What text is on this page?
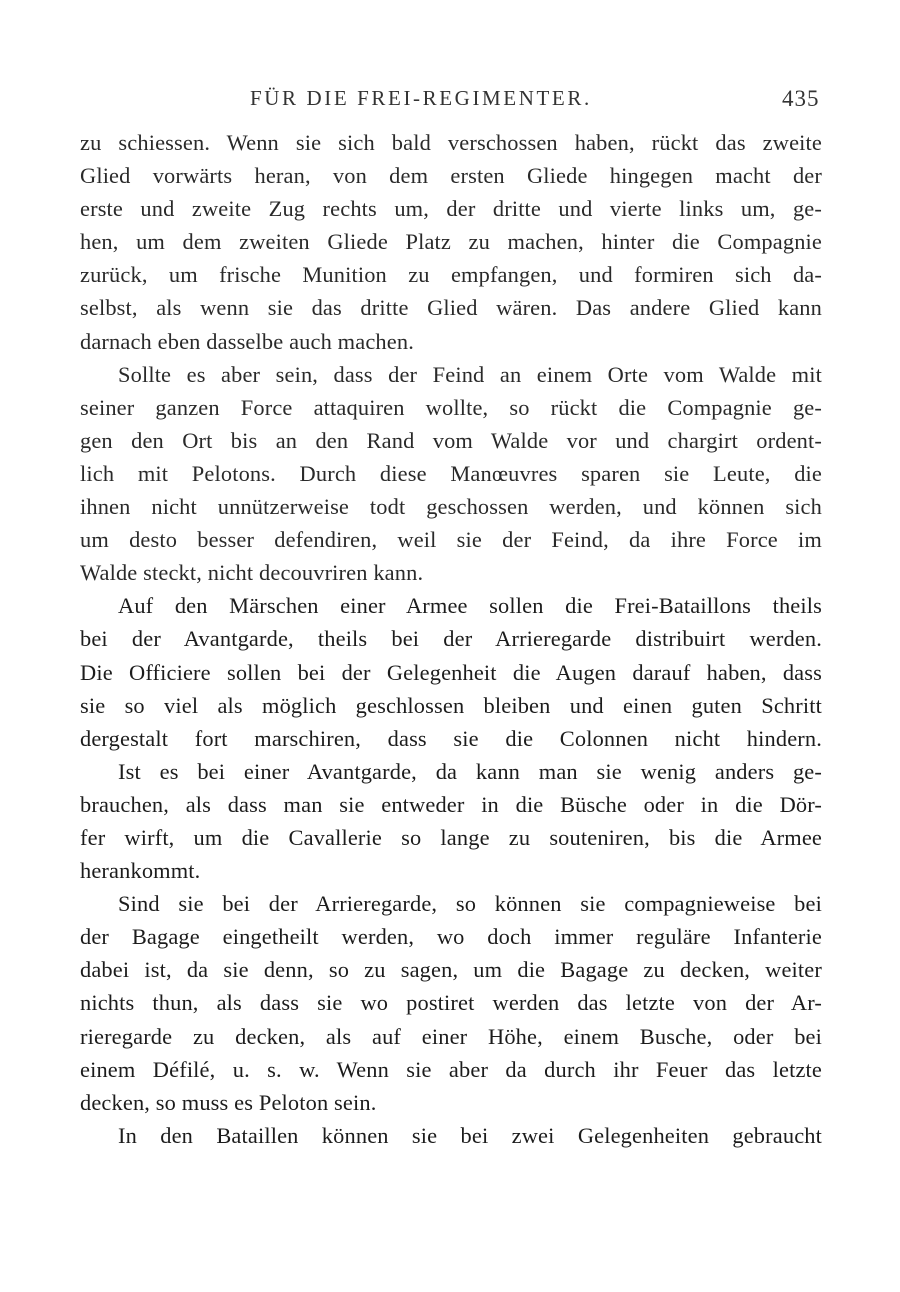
FÜR DIE FREI-REGIMENTER.	435
zu schiessen. Wenn sie sich bald verschossen haben, rückt das zweite
Glied vorwärts heran, von dem ersten Gliede hingegen macht der
erste und zweite Zug rechts um, der dritte und vierte links um, ge-
hen, um dem zweiten Gliede Platz zu machen, hinter die Compagnie
zurück, um frische Munition zu empfangen, und formiren sich da-
selbst, als wenn sie das dritte Glied wären. Das andere Glied kann
darnach eben dasselbe auch machen.
Sollte es aber sein, dass der Feind an einem Orte vom Walde mit
seiner ganzen Force attaquiren wollte, so rückt die Compagnie ge-
gen den Ort bis an den Rand vom Walde vor und chargirt ordent-
lich mit Pelotons. Durch diese Manœuvres sparen sie Leute, die
ihnen nicht unnützerweise todt geschossen werden, und können sich
um desto besser defendiren, weil sie der Feind, da ihre Force im
Walde steckt, nicht decouvriren kann.
Auf den Märschen einer Armee sollen die Frei-Bataillons theils
bei der Avantgarde, theils bei der Arrieregarde distribuirt werden.
Die Officiere sollen bei der Gelegenheit die Augen darauf haben, dass
sie so viel als möglich geschlossen bleiben und einen guten Schritt
dergestalt fort marschiren, dass sie die Colonnen nicht hindern.
Ist es bei einer Avantgarde, da kann man sie wenig anders ge-
brauchen, als dass man sie entweder in die Büsche oder in die Dör-
fer wirft, um die Cavallerie so lange zu souteniren, bis die Armee
herankommt.
Sind sie bei der Arrieregarde, so können sie compagnieweise bei
der Bagage eingetheilt werden, wo doch immer reguläre Infanterie
dabei ist, da sie denn, so zu sagen, um die Bagage zu decken, weiter
nichts thun, als dass sie wo postiret werden das letzte von der Ar-
rieregarde zu decken, als auf einer Höhe, einem Busche, oder bei
einem Défilé, u. s. w. Wenn sie aber da durch ihr Feuer das letzte
decken, so muss es Peloton sein.
In den Bataillen können sie bei zwei Gelegenheiten gebraucht
